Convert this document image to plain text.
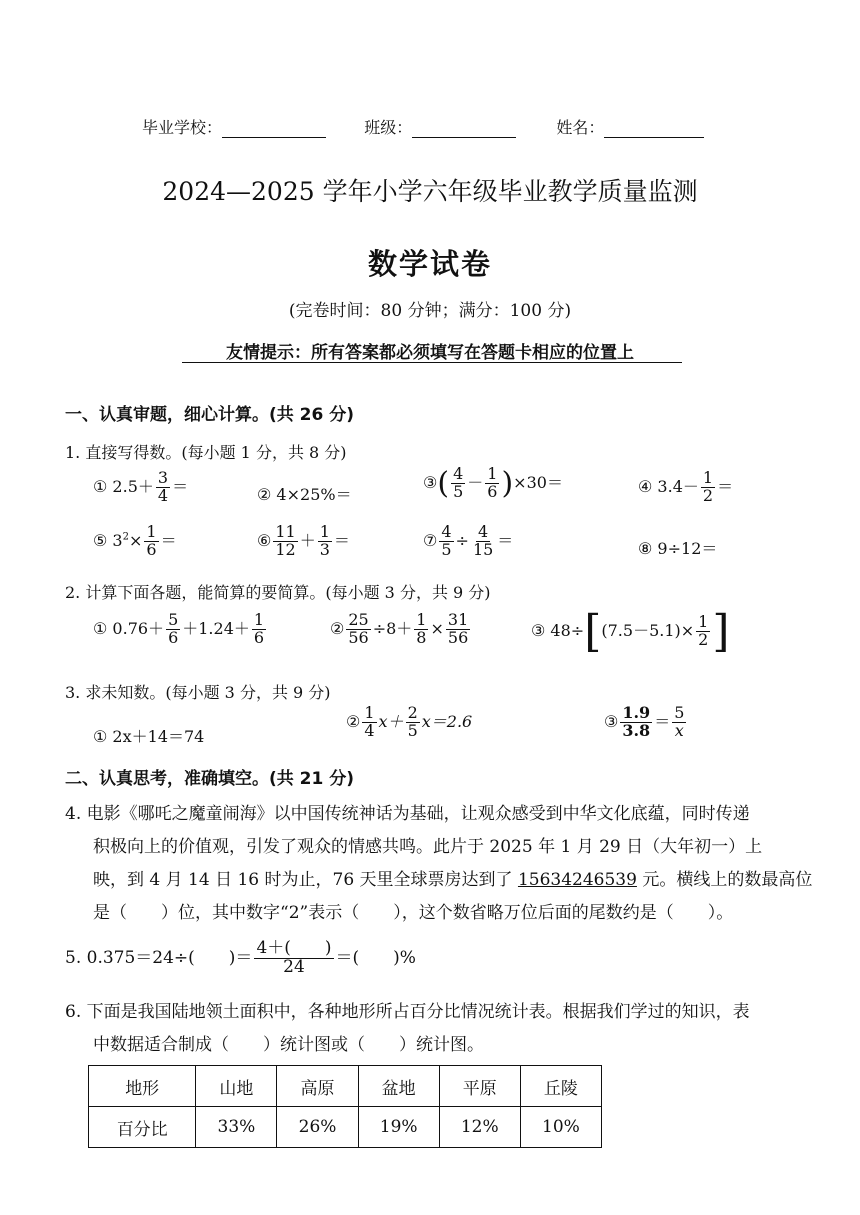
毕业学校：	班级：	姓名：
2024—2025 学年小学六年级毕业教学质量监测
数学试卷
(完卷时间：80 分钟；满分：100 分)
友情提示：所有答案都必须填写在答题卡相应的位置上
一、认真审题，细心计算。(共 26 分)
1. 直接写得数。(每小题 1 分，共 8 分)
① $2.5+ \frac{3}{4}$ ＝	② 4×25%＝
③( $\frac{4}{5} - \frac{1}{6} )\times 30=$	④ $3.4- \frac{1}{2}$ ＝
⑤ $3^2\times \frac{1}{6}$ ＝	⑥ $\frac{11}{12} + \frac{1}{3}$ ＝	⑦ $\frac{4}{5} \div \frac{4}{15}$ ＝	⑧ 9÷12＝
2. 计算下面各题，能简算的要简算。(每小题 3 分，共 9 分)
① $0.76+ \frac{5}{6} +1.24+ \frac{1}{6}$	② $\frac{25}{56} \div 8+ \frac{1}{8} \times \frac{31}{56}$	③ $48\div[(7.5-5.1)\times \frac{1}{2}$ ]
3. 求未知数。(每小题 3 分，共 9 分)
① 2x＋14＝74
② $\frac{1}{4} x+ \frac{2}{5} x=2.6$	③ $\frac{1.9}{3.8} = \frac{5}{x}$
二、认真思考，准确填空。(共 21 分)
4. 电影《哪吒之魔童闹海》以中国传统神话为基础，让观众感受到中华文化底蕴，同时传递
积极向上的价值观，引发了观众的情感共鸣。此片于 2025 年 1 月 29 日（大年初一）上
映，到 4 月 14 日 16 时为止，76 天里全球票房达到了 15634246539 元。横线上的数最高位
是（　　）位，其中数字“2”表示（　　），这个数省略万位后面的尾数约是（　　）。
5. 0.375＝24÷(　　)＝ $\frac{4+( )}{24}$ ＝(　　)%
6. 下面是我国陆地领土面积中，各种地形所占百分比情况统计表。根据我们学过的知识，表
中数据适合制成（　　）统计图或（　　）统计图。
地形	山地	高原	盆地	平原	丘陵
百分比	33%	26%	19%	12%	10%
